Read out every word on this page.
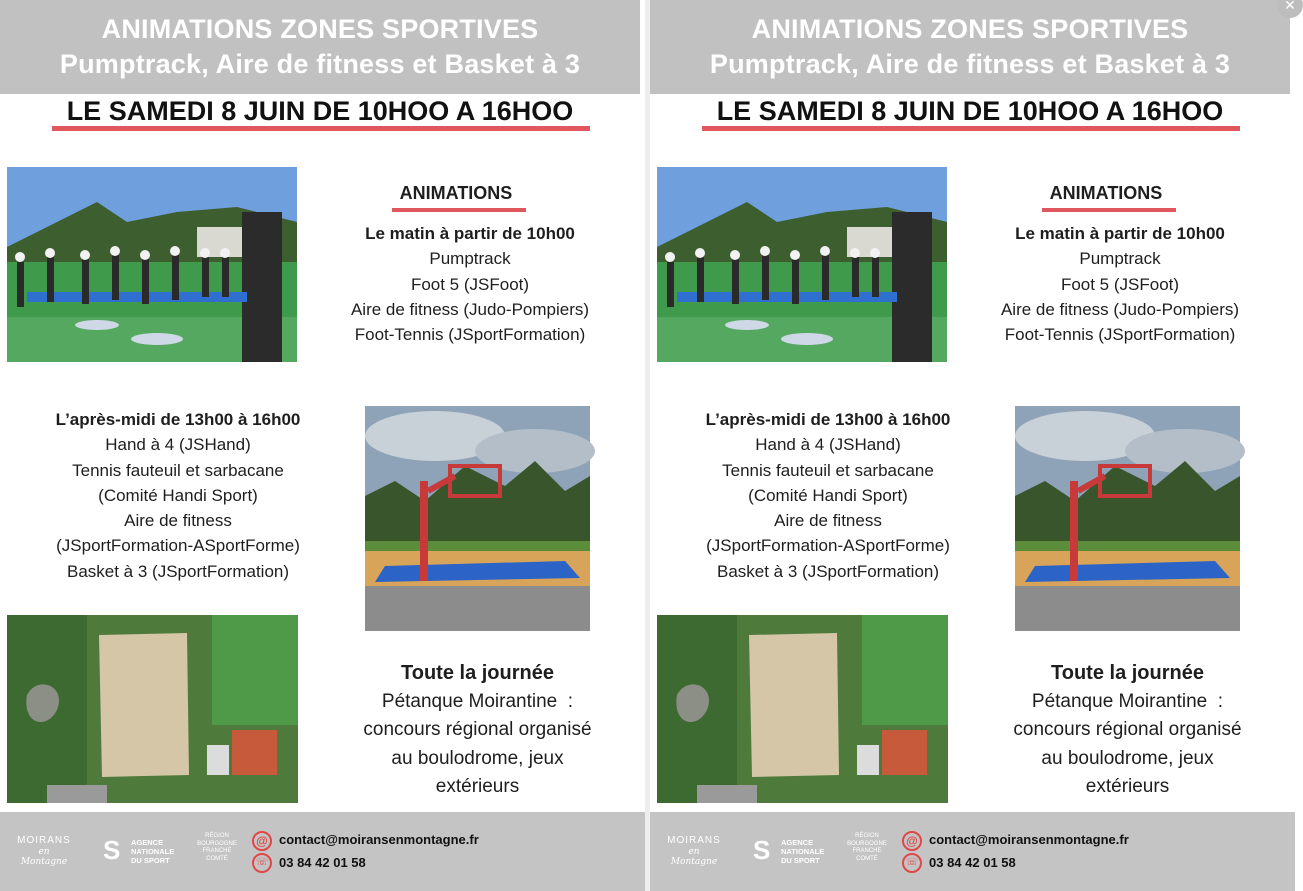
ANIMATIONS ZONES SPORTIVES
Pumptrack, Aire de fitness et Basket à 3
LE SAMEDI 8 JUIN DE 10HOO A 16HOO
ANIMATIONS
Le matin à partir de 10h00
Pumptrack
Foot 5 (JSFoot)
Aire de fitness (Judo-Pompiers)
Foot-Tennis (JSportFormation)
L’après-midi de 13h00 à 16h00
Hand à 4 (JSHand)
Tennis fauteuil et sarbacane
(Comité Handi Sport)
Aire de fitness
(JSportFormation-ASportForme)
Basket à 3 (JSportFormation)
Toute la journée
Pétanque Moirantine  :
concours régional organisé
au boulodrome, jeux
extérieurs
MOIRANS
en Montagne S AGENCE
NATIONALE
DU SPORT
RÉGION
BOURGOGNE
FRANCHE
COMTÉ
@ contact@moiransenmontagne.fr
☏ 03 84 42 01 58
ANIMATIONS ZONES SPORTIVES
Pumptrack, Aire de fitness et Basket à 3
LE SAMEDI 8 JUIN DE 10HOO A 16HOO
ANIMATIONS
Le matin à partir de 10h00
Pumptrack
Foot 5 (JSFoot)
Aire de fitness (Judo-Pompiers)
Foot-Tennis (JSportFormation)
L’après-midi de 13h00 à 16h00
Hand à 4 (JSHand)
Tennis fauteuil et sarbacane
(Comité Handi Sport)
Aire de fitness
(JSportFormation-ASportForme)
Basket à 3 (JSportFormation)
Toute la journée
Pétanque Moirantine  :
concours régional organisé
au boulodrome, jeux
extérieurs
MOIRANS
en Montagne S AGENCE
NATIONALE
DU SPORT
RÉGION
BOURGOGNE
FRANCHE
COMTÉ
@ contact@moiransenmontagne.fr
☏ 03 84 42 01 58
✕
